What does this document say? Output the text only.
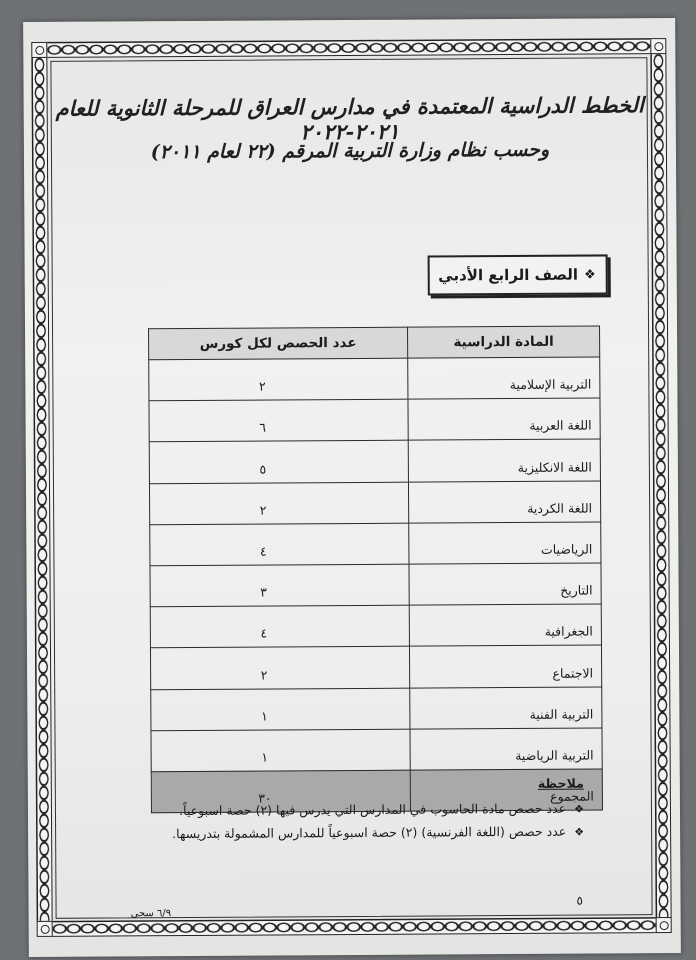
الخطط الدراسية المعتمدة في مدارس العراق للمرحلة الثانوية للعام ٢٠٢١-٢٠٢٢
وحسب نظام وزارة التربية المرقم (٢٢ لعام ٢٠١١)
❖
الصف الرابع الأدبي
المادة الدراسية	عدد الحصص لكل كورس
التربية الإسلامية	٢
اللغة العربية	٦
اللغة الانكليزية	٥
اللغة الكردية	٢
الرياضيات	٤
التاريخ	٣
الجغرافية	٤
الاجتماع	٢
التربية الفنية	١
التربية الرياضية	١
المجموع	٣٠
ملاحظة
❖عدد حصص مادة الحاسوب في المدارس التي يدرس فيها (٢) حصة اسبوعياً.
❖عدد حصص (اللغة الفرنسية) (٢) حصة اسبوعياً للمدارس المشمولة بتدريسها.
٦/٩ سجى
٥
